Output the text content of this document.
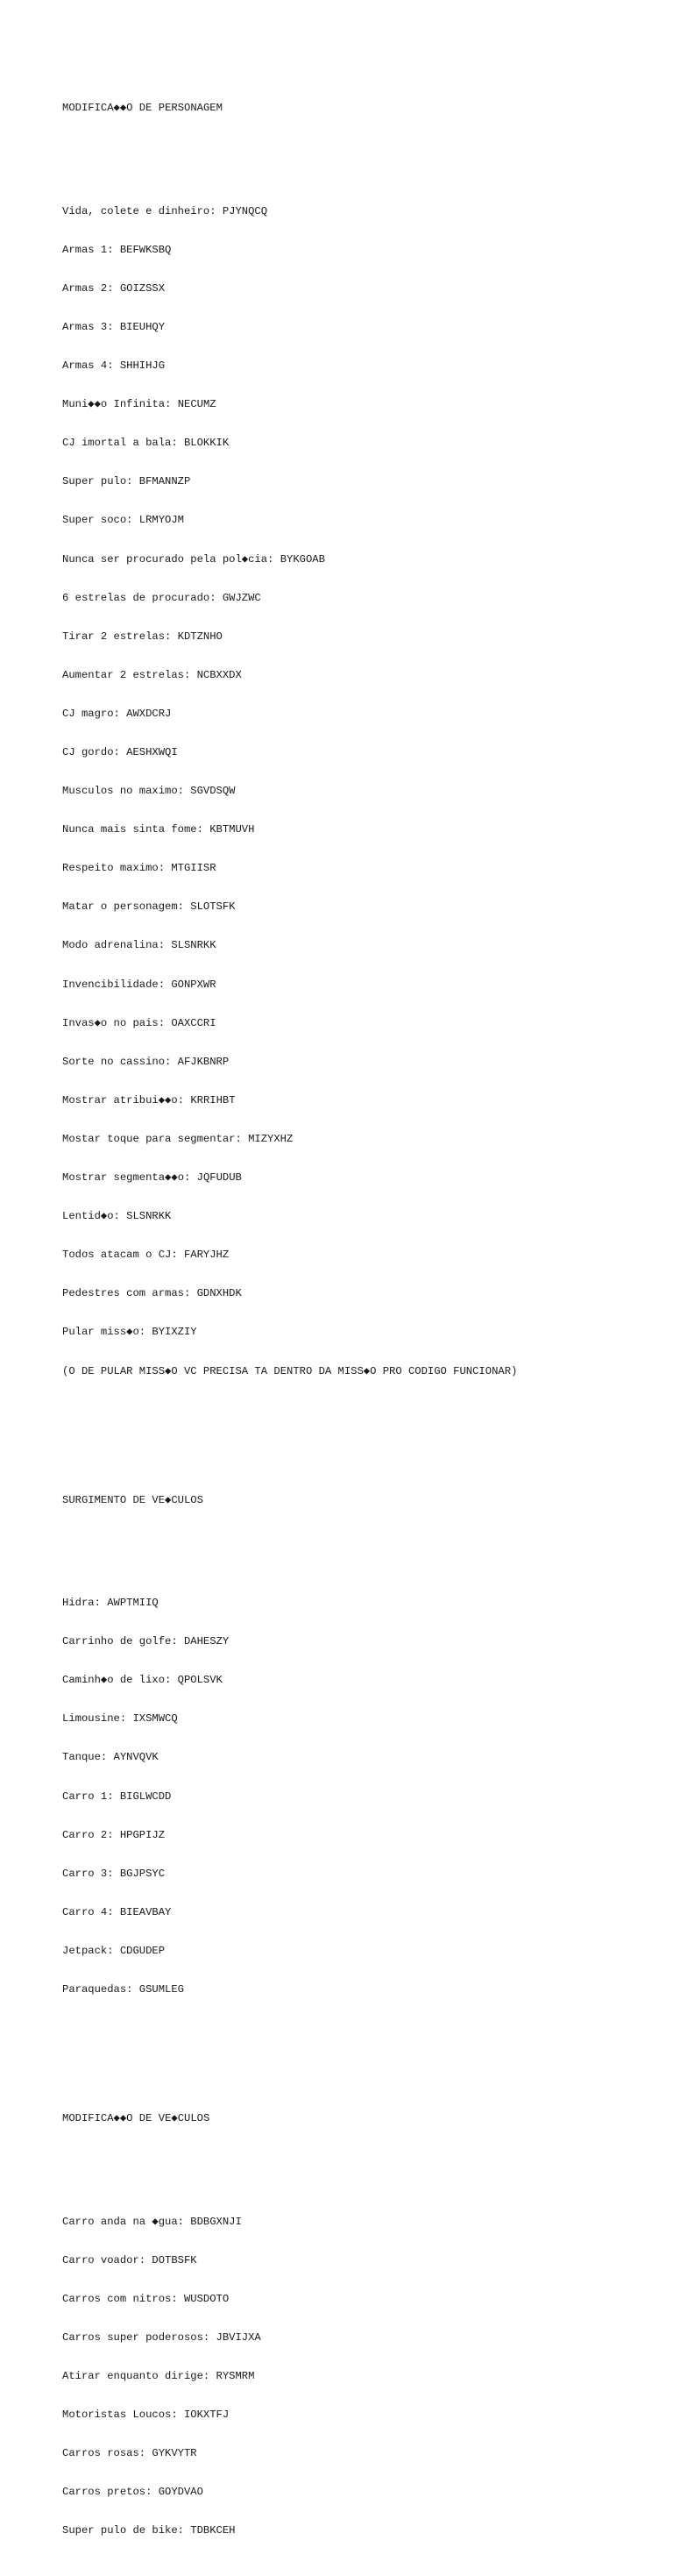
MODIFICA◆◆O DE PERSONAGEM

Vida, colete e dinheiro: PJYNQCQ

Armas 1: BEFWKSBQ

Armas 2: GOIZSSX

Armas 3: BIEUHQY

Armas 4: SHHIHJG

Muni◆◆o Infinita: NECUMZ

CJ imortal a bala: BLOKKIK

Super pulo: BFMANNZP

Super soco: LRMYOJM

Nunca ser procurado pela pol◆cia: BYKGOAB

6 estrelas de procurado: GWJZWC

Tirar 2 estrelas: KDTZNHO

Aumentar 2 estrelas: NCBXXDX

CJ magro: AWXDCRJ

CJ gordo: AESHXWQI

Musculos no maximo: SGVDSQW

Nunca mais sinta fome: KBTMUVH

Respeito maximo: MTGIISR

Matar o personagem: SLOTSFK

Modo adrenalina: SLSNRKK

Invencibilidade: GONPXWR

Invas◆o no pais: OAXCCRI

Sorte no cassino: AFJKBNRP

Mostrar atribui◆◆o: KRRIHBT

Mostar toque para segmentar: MIZYXHZ

Mostrar segmenta◆◆o: JQFUDUB

Lentid◆o: SLSNRKK

Todos atacam o CJ: FARYJHZ

Pedestres com armas: GDNXHDK

Pular miss◆o: BYIXZIY

(O DE PULAR MISS◆O VC PRECISA TA DENTRO DA MISS◆O PRO CODIGO FUNCIONAR)

SURGIMENTO DE VE◆CULOS

Hidra: AWPTMIIQ

Carrinho de golfe: DAHESZY

Caminh◆o de lixo: QPOLSVK

Limousine: IXSMWCQ

Tanque: AYNVQVK

Carro 1: BIGLWCDD

Carro 2: HPGPIJZ

Carro 3: BGJPSYC

Carro 4: BIEAVBAY

Jetpack: CDGUDEP

Paraquedas: GSUMLEG

MODIFICA◆◆O DE VE◆CULOS

Carro anda na ◆gua: BDBGXNJI

Carro voador: DOTBSFK

Carros com nitros: WUSDOTO

Carros super poderosos: JBVIJXA

Atirar enquanto dirige: RYSMRM

Motoristas Loucos: IOKXTFJ

Carros rosas: GYKVYTR

Carros pretos: GOYDVAO

Super pulo de bike: TDBKCEH
